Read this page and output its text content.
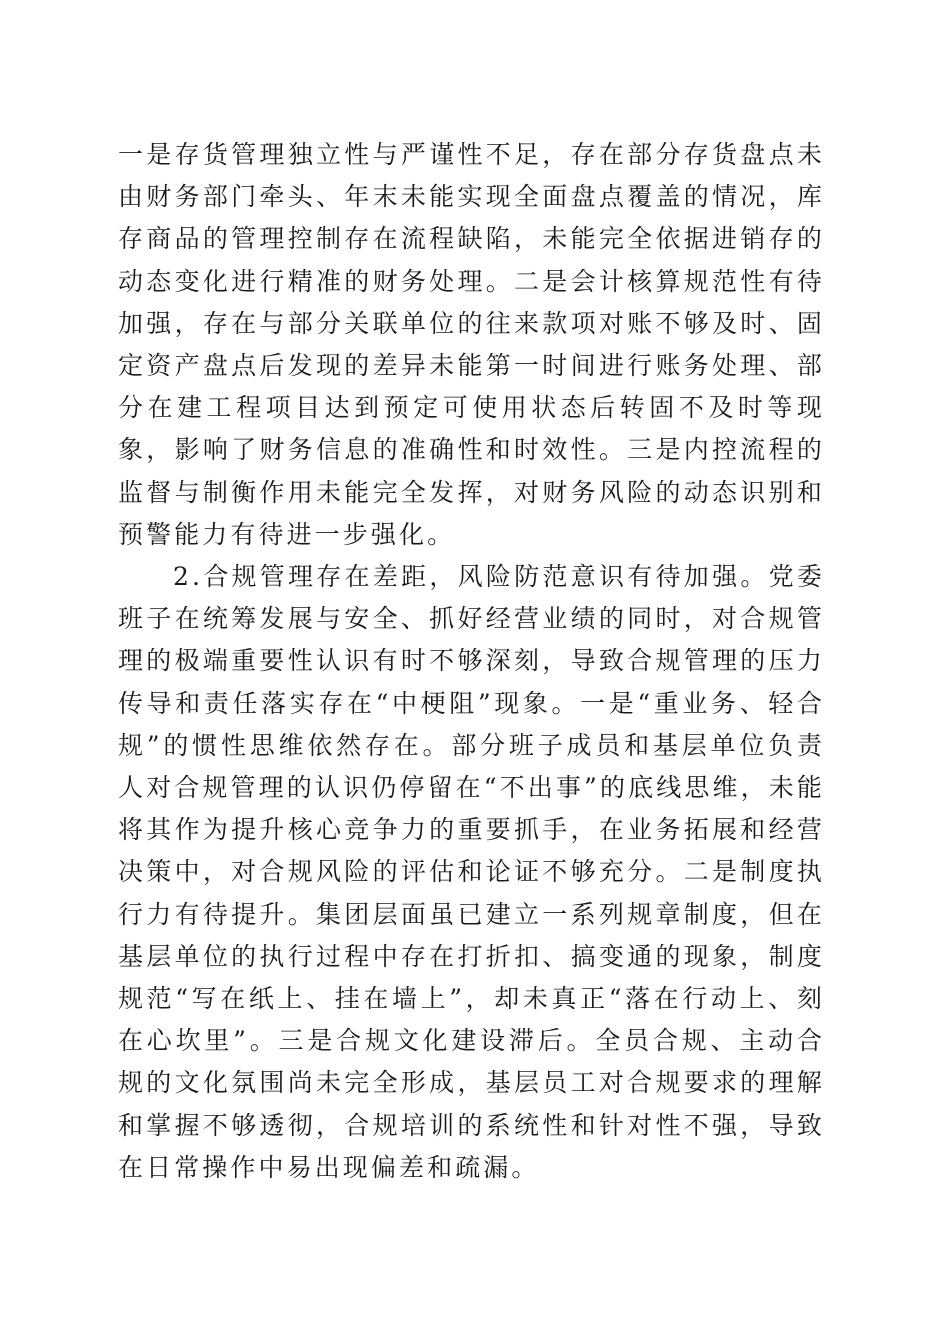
一是存货管理独立性与严谨性不足，存在部分存货盘点未由财务部门牵头、年末未能实现全面盘点覆盖的情况，库存商品的管理控制存在流程缺陷，未能完全依据进销存的动态变化进行精准的财务处理。二是会计核算规范性有待加强，存在与部分关联单位的往来款项对账不够及时、固定资产盘点后发现的差异未能第一时间进行账务处理、部分在建工程项目达到预定可使用状态后转固不及时等现象，影响了财务信息的准确性和时效性。三是内控流程的监督与制衡作用未能完全发挥，对财务风险的动态识别和预警能力有待进一步强化。

2.合规管理存在差距，风险防范意识有待加强。党委班子在统筹发展与安全、抓好经营业绩的同时，对合规管理的极端重要性认识有时不够深刻，导致合规管理的压力传导和责任落实存在“中梗阻”现象。一是“重业务、轻合规”的惯性思维依然存在。部分班子成员和基层单位负责人对合规管理的认识仍停留在“不出事”的底线思维，未能将其作为提升核心竞争力的重要抓手，在业务拓展和经营决策中，对合规风险的评估和论证不够充分。二是制度执行力有待提升。集团层面虽已建立一系列规章制度，但在基层单位的执行过程中存在打折扣、搞变通的现象，制度规范“写在纸上、挂在墙上”，却未真正“落在行动上、刻在心坎里”。三是合规文化建设滞后。全员合规、主动合规的文化氛围尚未完全形成，基层员工对合规要求的理解和掌握不够透彻，合规培训的系统性和针对性不强，导致在日常操作中易出现偏差和疏漏。
